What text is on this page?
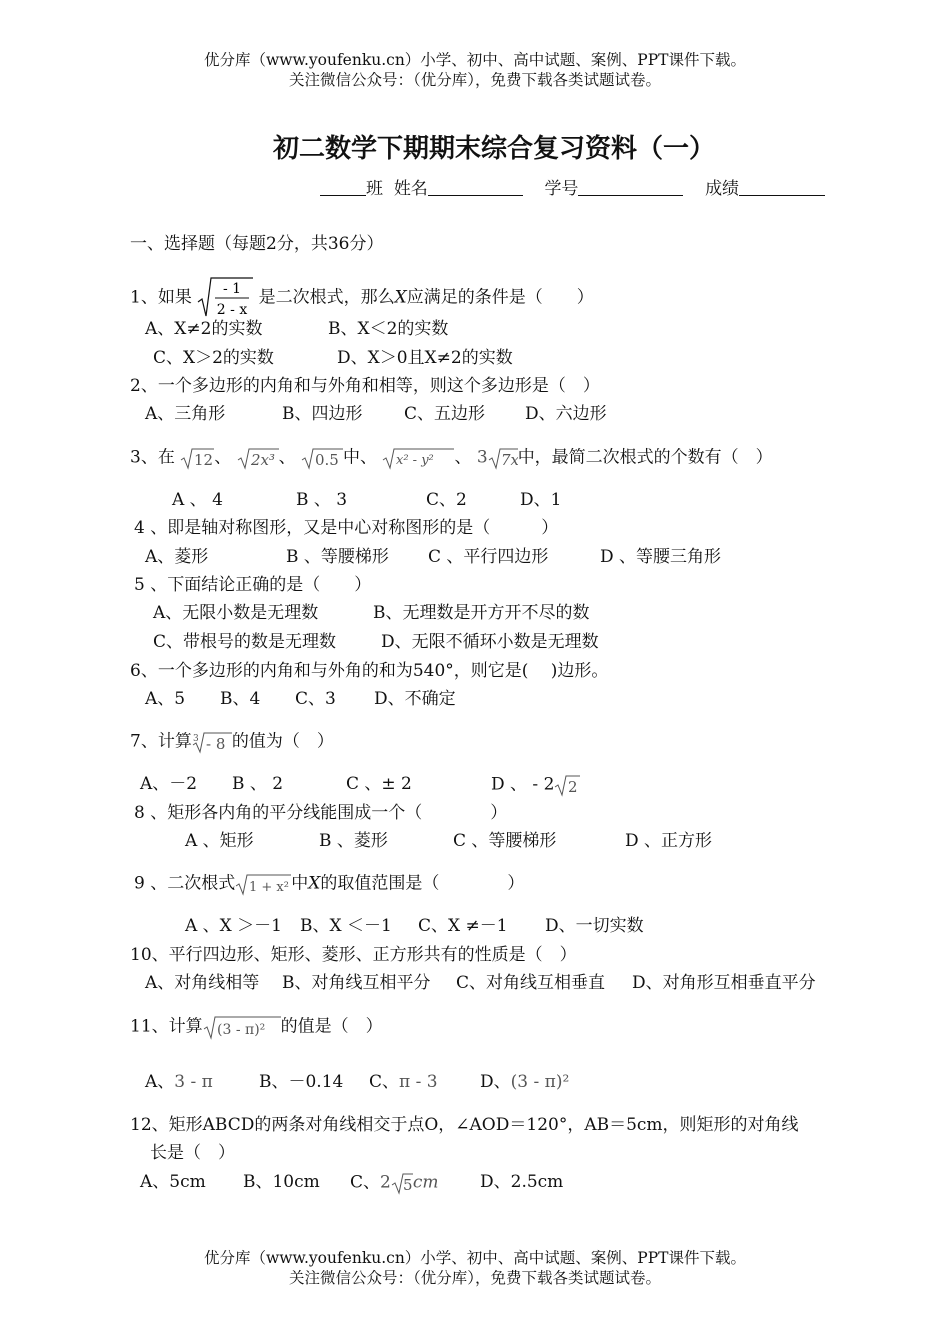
优分库（www.youfenku.cn）小学、初中、高中试题、案例、PPT课件下载。
关注微信公众号：（优分库），免费下载各类试题试卷。
初二数学下期期末综合复习资料（一）
班 姓名	学号	成绩
一、选择题（每题2分，共36分）
1、如果 - 1
2 - x
是二次根式，那么X应满足的条件是（　　）
A、X≠2的实数	B、X＜2的实数
C、X＞2的实数	D、X＞0且X≠2的实数
2、一个多边形的内角和与外角和相等，则这个多边形是（　）
A、三角形	B、四边形 C、五边形 D、六边形
3、在 12 、 2x³ 、 0.5 中、 x² - y² 、 3 7x
中，最简二次根式的个数有（　）
A 、 4	B 、 3	C、2	D、1
4 、即是轴对称图形，又是中心对称图形的是（　　　）
A、菱形	B 、等腰梯形 C 、平行四边形	D 、等腰三角形
5 、下面结论正确的是（　　）
A、无限小数是无理数	B、无理数是开方开不尽的数
C、带根号的数是无理数	D、无限不循环小数是无理数
6、一个多边形的内角和与外角的和为540°，则它是(　 )边形。
A、5 B、4 C、3 D、不确定
7、计算 3 - 8 的值为（　）
A、－2 B 、 2	C 、± 2	D 、 - 2 2
8 、矩形各内角的平分线能围成一个（　　　　）
A 、矩形	B 、菱形	C 、等腰梯形	D 、正方形
9 、二次根式 1 + x² 中X的取值范围是（　　　　）
A 、X ＞－1 B、X ＜－1 C、X ≠－1 D、一切实数
10、平行四边形、矩形、菱形、正方形共有的性质是（　）
A、对角线相等 B、对角线互相平分 C、对角线互相垂直 D、对角形互相垂直平分
11、计算 (3 - π)² 的值是（　）
A、3 - π	B、－0.14 C、π - 3 D、(3 - π)²
12、矩形ABCD的两条对角线相交于点O，∠AOD＝120°，AB＝5cm，则矩形的对角线
长是（　）
A、5cm B、10cm C、2 5 cm D、2.5cm
优分库（www.youfenku.cn）小学、初中、高中试题、案例、PPT课件下载。
关注微信公众号：（优分库），免费下载各类试题试卷。
